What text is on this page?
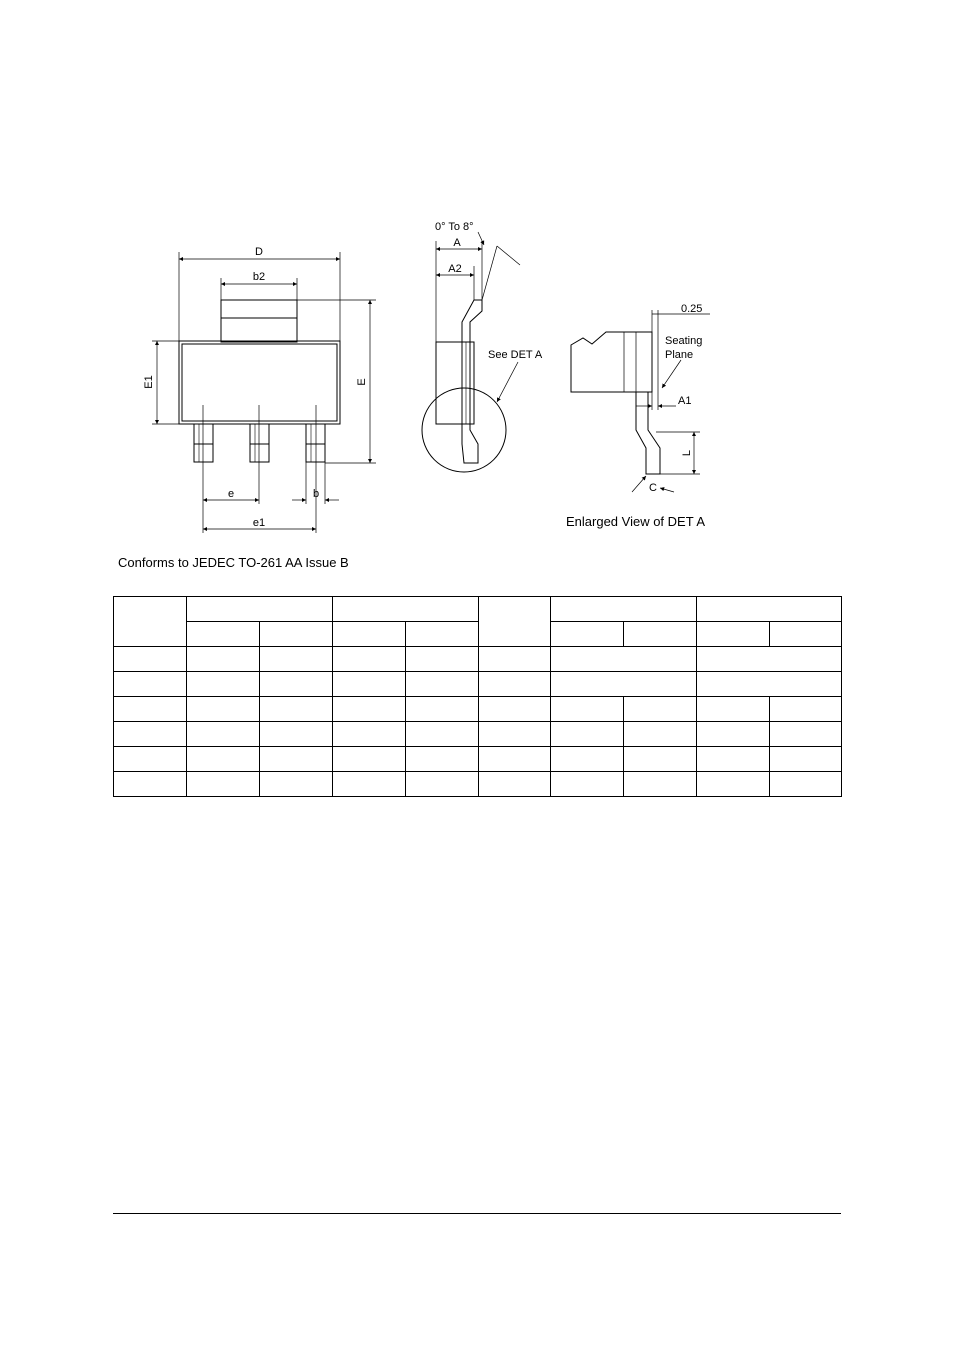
D
b2
E
E1
e	b
e1
0° To 8°
A
A2
See DET A
0.25
Seating
Plane
A1
L
C
Enlarged View of DET A
Conforms to JEDEC TO-261 AA Issue B
